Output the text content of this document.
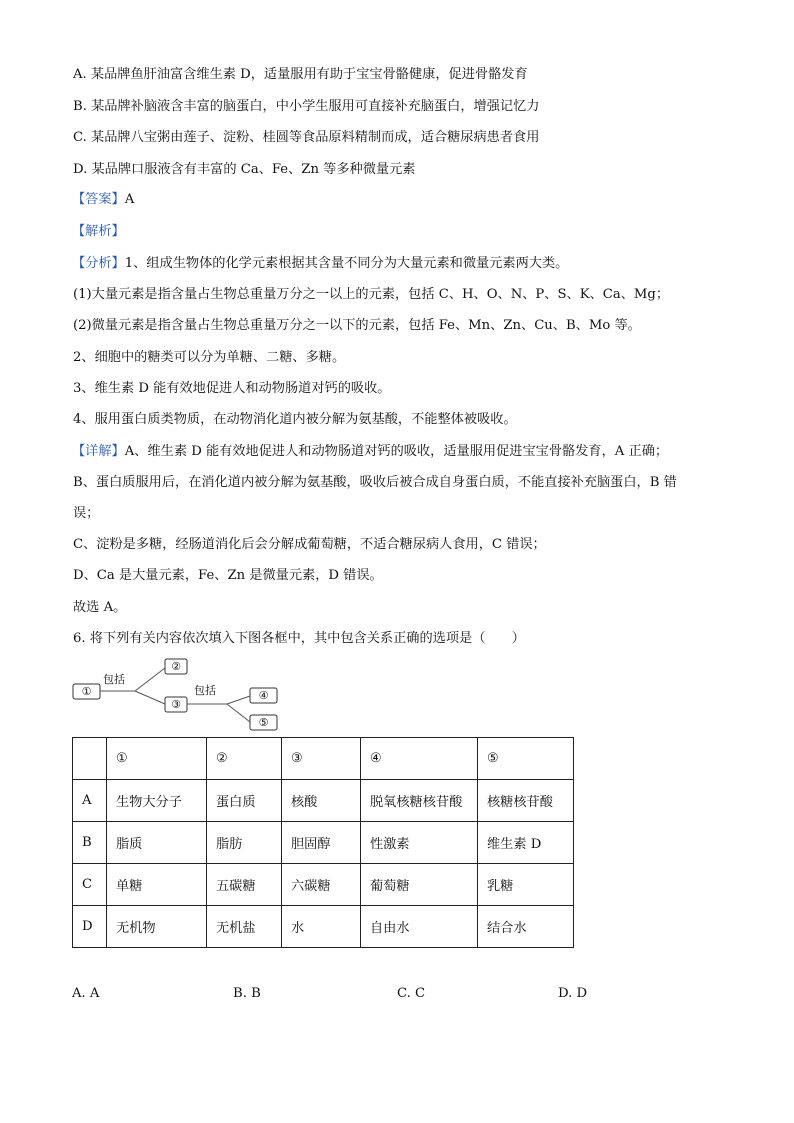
A. 某品牌鱼肝油富含维生素 D，适量服用有助于宝宝骨骼健康，促进骨骼发育
B. 某品牌补脑液含丰富的脑蛋白，中小学生服用可直接补充脑蛋白，增强记忆力
C. 某品牌八宝粥由莲子、淀粉、桂圆等食品原料精制而成，适合糖尿病患者食用
D. 某品牌口服液含有丰富的 Ca、Fe、Zn 等多种微量元素
【答案】A
【解析】
【分析】1、组成生物体的化学元素根据其含量不同分为大量元素和微量元素两大类。
(1)大量元素是指含量占生物总重量万分之一以上的元素，包括 C、H、O、N、P、S、K、Ca、Mg；
(2)微量元素是指含量占生物总重量万分之一以下的元素，包括 Fe、Mn、Zn、Cu、B、Mo 等。
2、细胞中的糖类可以分为单糖、二糖、多糖。
3、维生素 D 能有效地促进人和动物肠道对钙的吸收。
4、服用蛋白质类物质，在动物消化道内被分解为氨基酸，不能整体被吸收。
【详解】A、维生素 D 能有效地促进人和动物肠道对钙的吸收，适量服用促进宝宝骨骼发育，A 正确；
B、蛋白质服用后，在消化道内被分解为氨基酸，吸收后被合成自身蛋白质，不能直接补充脑蛋白，B 错
误；
C、淀粉是多糖，经肠道消化后会分解成葡萄糖，不适合糖尿病人食用，C 错误；
D、Ca 是大量元素，Fe、Zn 是微量元素，D 错误。
故选 A。
6. 将下列有关内容依次填入下图各框中，其中包含关系正确的选项是（　　）
①
②
③
④
⑤
包括
包括
	①	②	③	④	⑤
A	生物大分子	蛋白质	核酸	脱氧核糖核苷酸	核糖核苷酸
B	脂质	脂肪	胆固醇	性激素	维生素 D
C	单糖	五碳糖	六碳糖	葡萄糖	乳糖
D	无机物	无机盐	水	自由水	结合水
A. A	B. B	C. C	D. D
